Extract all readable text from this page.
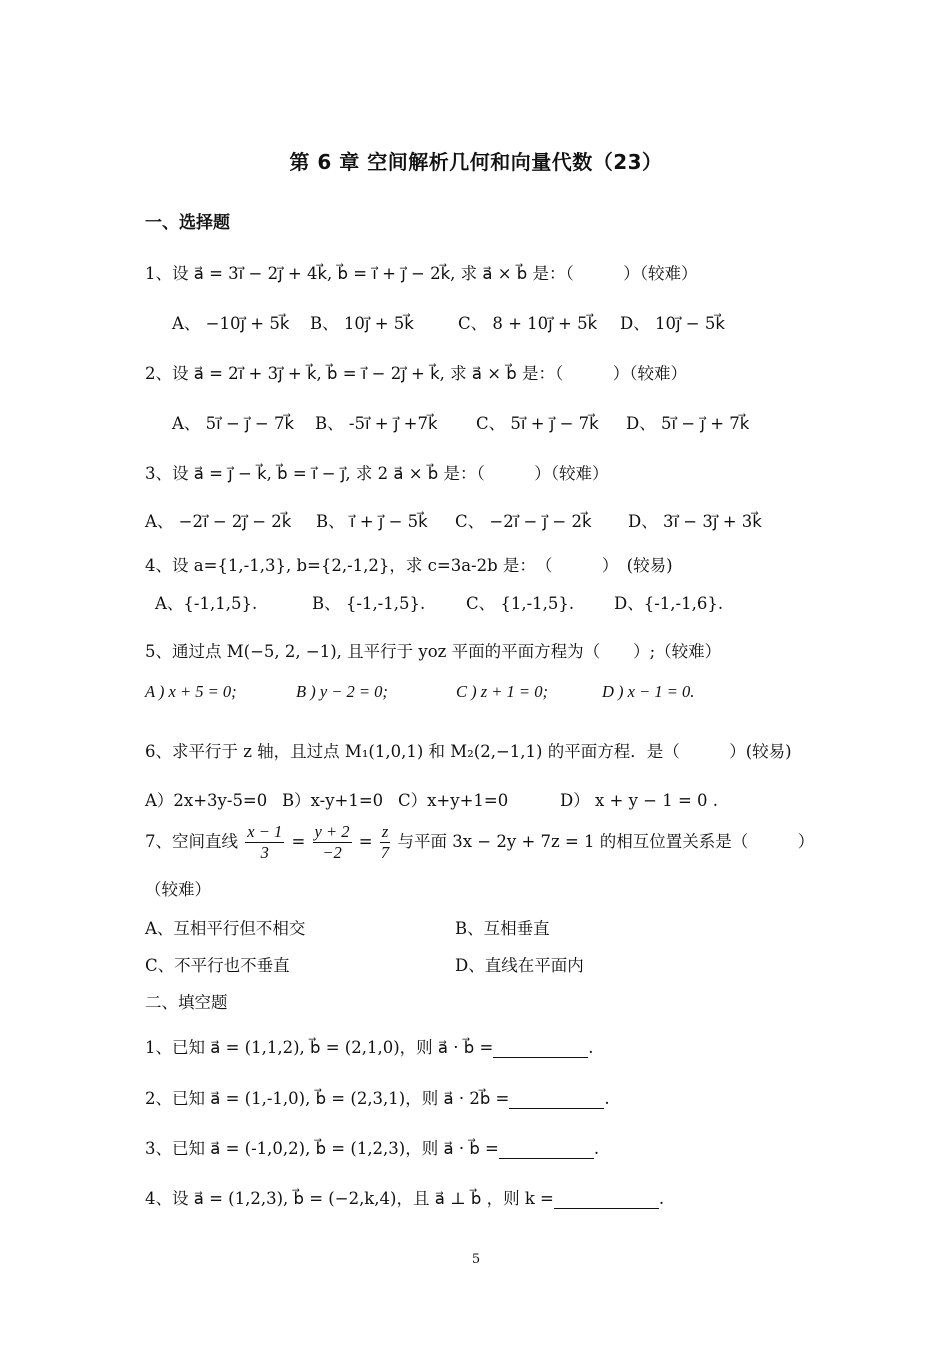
第 6 章 空间解析几何和向量代数（23）
一、选择题
1、设 a⃗ = 3i⃗ − 2j⃗ + 4k⃗, b⃗ = i⃗ + j⃗ − 2k⃗, 求 a⃗ × b⃗ 是：（　　　）（较难）
A、 −10j⃗ + 5k⃗ B、 10j⃗ + 5k⃗	C、 8 + 10j⃗ + 5k⃗ D、 10j⃗ − 5k⃗
2、设 a⃗ = 2i⃗ + 3j⃗ + k⃗, b⃗ = i⃗ − 2j⃗ + k⃗, 求 a⃗ × b⃗ 是：（　　　）（较难）
A、 5i⃗ − j⃗ − 7k⃗ B、 -5i⃗ + j⃗ +7k⃗ C、 5i⃗ + j⃗ − 7k⃗ D、 5i⃗ − j⃗ + 7k⃗
3、设 a⃗ = j⃗ − k⃗, b⃗ = i⃗ − j⃗, 求 2 a⃗ × b⃗ 是：（　　　）（较难）
A、 −2i⃗ − 2j⃗ − 2k⃗ B、 i⃗ + j⃗ − 5k⃗ C、 −2i⃗ − j⃗ − 2k⃗ D、 3i⃗ − 3j⃗ + 3k⃗
4、设 a={1,-1,3}, b={2,-1,2}，求 c=3a-2b 是：　（　　　）　(较易)
A、{-1,1,5}.	B、 {-1,-1,5}. C、 {1,-1,5}. D、{-1,-1,6}.
5、通过点 M(−5, 2, −1), 且平行于 yoz 平面的平面方程为（　　）;（较难）
A ) x + 5 = 0;	B ) y − 2 = 0;	C ) z + 1 = 0;	D ) x − 1 = 0.
6、求平行于 z 轴，且过点 M₁(1,0,1) 和 M₂(2,−1,1) 的平面方程．是（　　　）(较易)
A）2x+3y-5=0 B）x-y+1=0 C）x+y+1=0	D） x + y − 1 = 0 .
7、空间直线 $\frac{x - 1}{3} = \frac{y + 2}{-2} = \frac{z}{7}$ 与平面 3x − 2y + 7z = 1 的相互位置关系是（　　　）
（较难）
A、互相平行但不相交	B、互相垂直
C、不平行也不垂直	D、直线在平面内
二、填空题
1、已知 a⃗ = (1,1,2), b⃗ = (2,1,0)，则 a⃗ · b⃗ =	.
2、已知 a⃗ = (1,-1,0), b⃗ = (2,3,1)，则 a⃗ · 2b⃗ =	.
3、已知 a⃗ = (-1,0,2), b⃗ = (1,2,3)，则 a⃗ · b⃗ =	.
4、设 a⃗ = (1,2,3), b⃗ = (−2,k,4)，且 a⃗ ⊥ b⃗ ，则 k =	.
5
